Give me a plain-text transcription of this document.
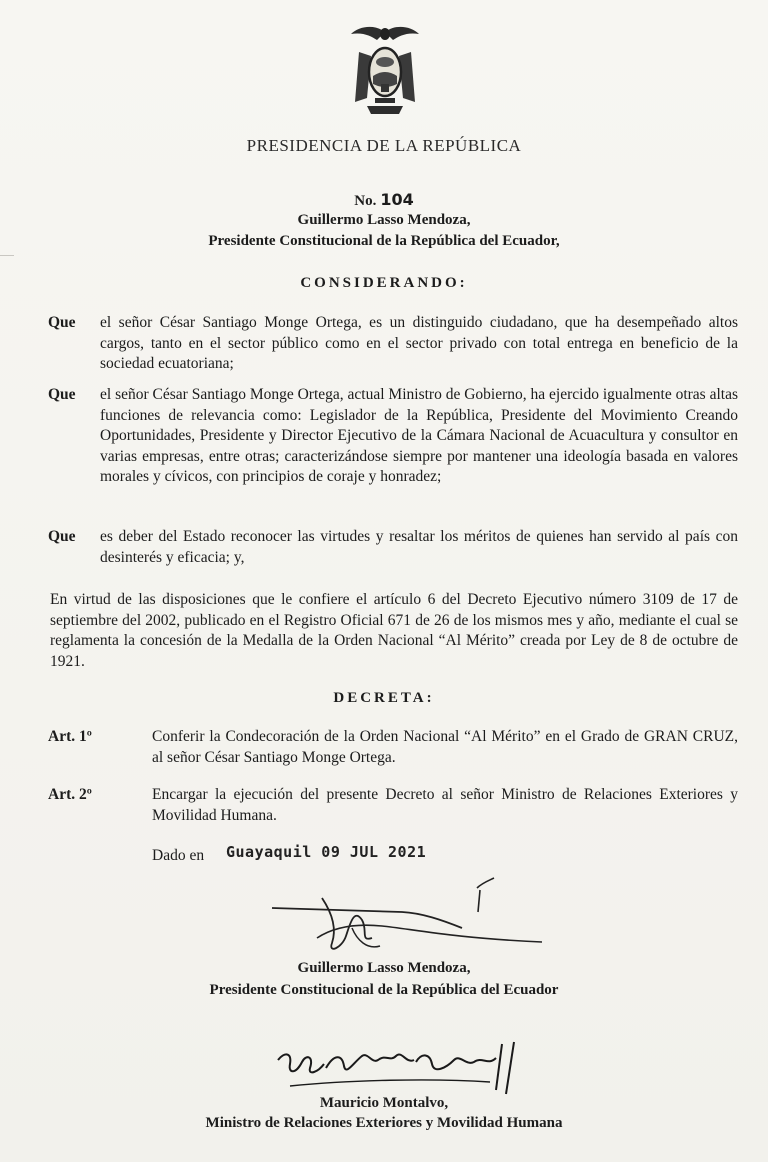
PRESIDENCIA DE LA REPÚBLICA
No. 104
Guillermo Lasso Mendoza,
Presidente Constitucional de la República del Ecuador,
CONSIDERANDO:
Que el señor César Santiago Monge Ortega, es un distinguido ciudadano, que ha desempeñado altos cargos, tanto en el sector público como en el sector privado con total entrega en beneficio de la sociedad ecuatoriana;
Que el señor César Santiago Monge Ortega, actual Ministro de Gobierno, ha ejercido igualmente otras altas funciones de relevancia como: Legislador de la República, Presidente del Movimiento Creando Oportunidades, Presidente y Director Ejecutivo de la Cámara Nacional de Acuacultura y consultor en varias empresas, entre otras; caracterizándose siempre por mantener una ideología basada en valores morales y cívicos, con principios de coraje y honradez;
Que es deber del Estado reconocer las virtudes y resaltar los méritos de quienes han servido al país con desinterés y eficacia; y,
En virtud de las disposiciones que le confiere el artículo 6 del Decreto Ejecutivo número 3109 de 17 de septiembre del 2002, publicado en el Registro Oficial 671 de 26 de los mismos mes y año, mediante el cual se reglamenta la concesión de la Medalla de la Orden Nacional “Al Mérito” creada por Ley de 8 de octubre de 1921.
DECRETA:
Art. 1º	Conferir la Condecoración de la Orden Nacional “Al Mérito” en el Grado de GRAN CRUZ, al señor César Santiago Monge Ortega.
Art. 2º	Encargar la ejecución del presente Decreto al señor Ministro de Relaciones Exteriores y Movilidad Humana.
Dado en Guayaquil 09 JUL 2021
Guillermo Lasso Mendoza,
Presidente Constitucional de la República del Ecuador
Mauricio Montalvo,
Ministro de Relaciones Exteriores y Movilidad Humana
